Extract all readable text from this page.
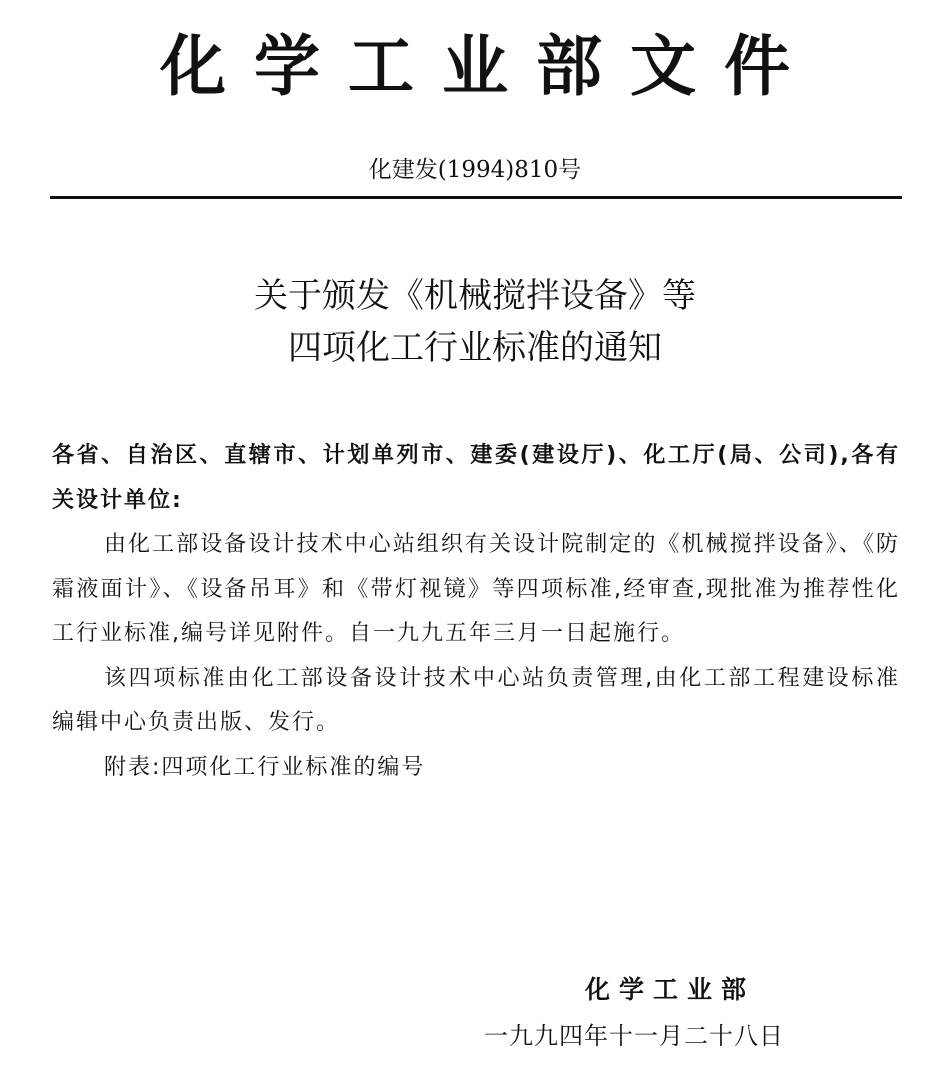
化学工业部文件
化建发(1994)810号
关于颁发《机械搅拌设备》等
四项化工行业标准的通知

各省、自治区、直辖市、计划单列市、建委(建设厅)、化工厅(局、公司),各有关设计单位:

由化工部设备设计技术中心站组织有关设计院制定的《机械搅拌设备》、《防霜液面计》、《设备吊耳》和《带灯视镜》等四项标准,经审查,现批准为推荐性化工行业标准,编号详见附件。自一九九五年三月一日起施行。

该四项标准由化工部设备设计技术中心站负责管理,由化工部工程建设标准编辑中心负责出版、发行。

附表:四项化工行业标准的编号

化学工业部
一九九四年十一月二十八日
